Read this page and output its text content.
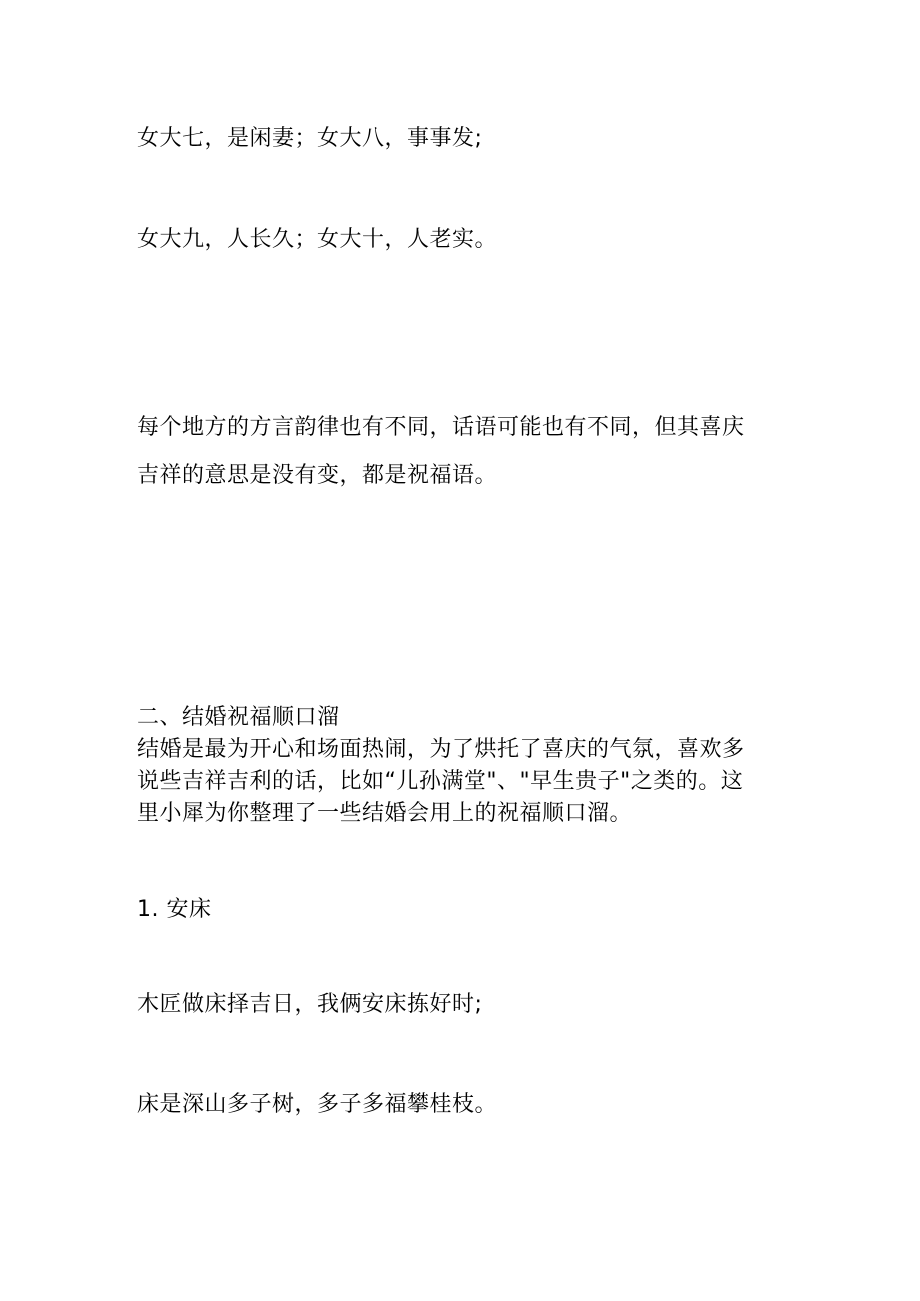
女大七，是闲妻；女大八，事事发;
女大九，人长久；女大十，人老实。
每个地方的方言韵律也有不同，话语可能也有不同，但其喜庆
吉祥的意思是没有变，都是祝福语。
二、结婚祝福顺口溜
结婚是最为开心和场面热闹，为了烘托了喜庆的气氛，喜欢多
说些吉祥吉利的话，比如“儿孙满堂"、"早生贵子"之类的。这
里小犀为你整理了一些结婚会用上的祝福顺口溜。
1. 安床
木匠做床择吉日，我俩安床拣好时;
床是深山多子树，多子多福攀桂枝。
